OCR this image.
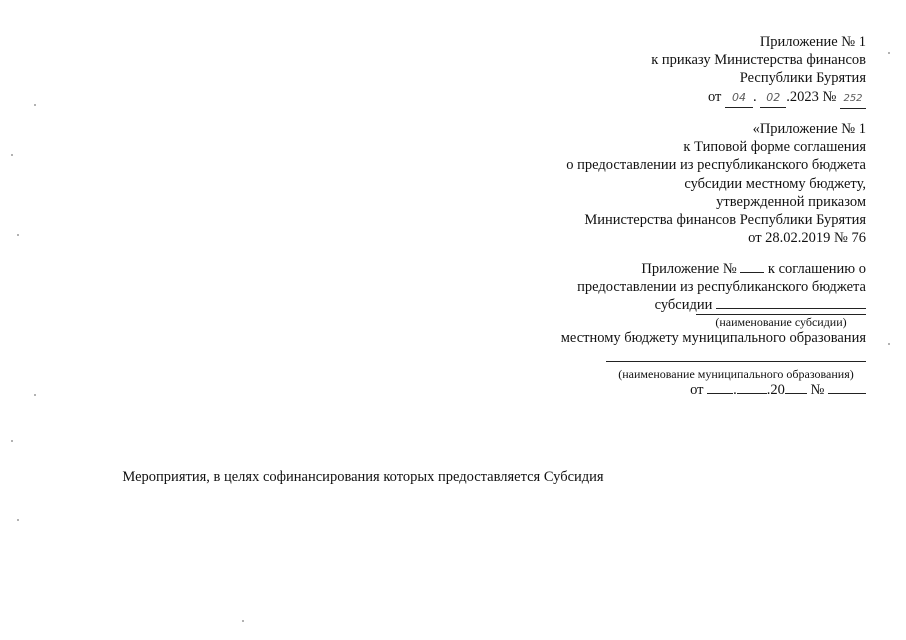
Приложение № 1
к приказу Министерства финансов
Республики Бурятия
от 04 . 02 .2023 № 252
«Приложение № 1
к Типовой форме соглашения
о предоставлении из республиканского бюджета
субсидии местному бюджету,
утвержденной приказом
Министерства финансов Республики Бурятия
от 28.02.2019 № 76
Приложение № к соглашению о
предоставлении из республиканского бюджета
субсидии
(наименование субсидии)
местному бюджету муниципального образования
(наименование муниципального образования)
от . .20 №
Мероприятия, в целях софинансирования которых предоставляется Субсидия
